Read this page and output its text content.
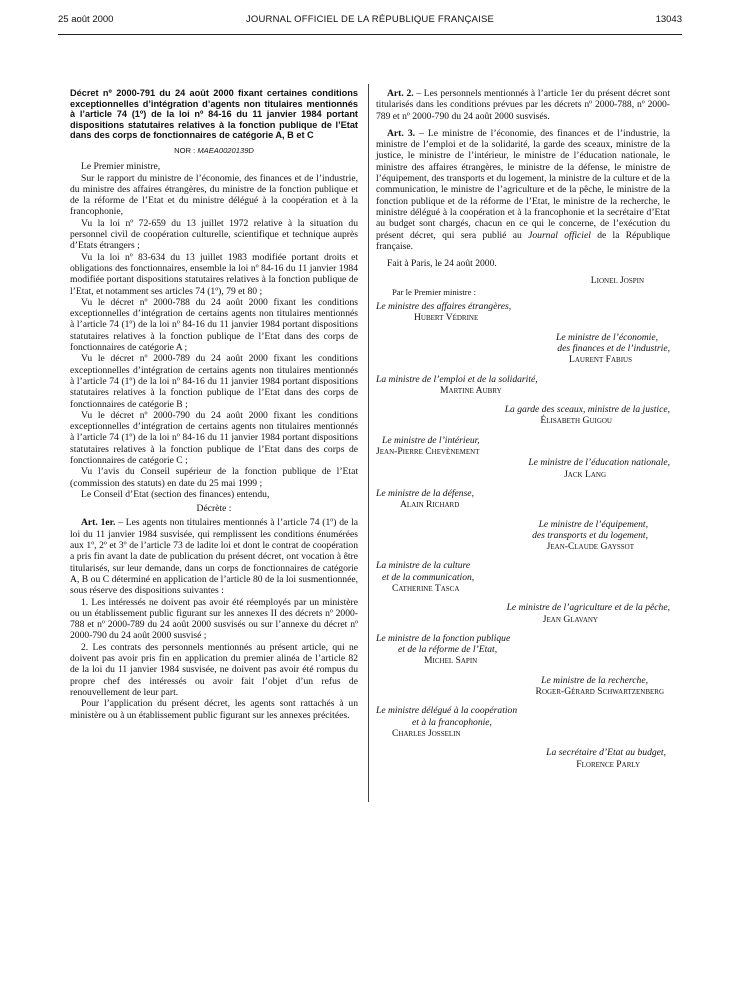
25 août 2000	JOURNAL OFFICIEL DE LA RÉPUBLIQUE FRANÇAISE	13043

Décret nº 2000-791 du 24 août 2000 fixant certaines conditions exceptionnelles d’intégration d’agents non titulaires mentionnés à l’article 74 (1º) de la loi nº 84-16 du 11 janvier 1984 portant dispositions statutaires relatives à la fonction publique de l’Etat dans des corps de fonctionnaires de catégorie A, B et C

NOR : MAEA0020139D

Le Premier ministre,

Sur le rapport du ministre de l’économie, des finances et de l’industrie, du ministre des affaires étrangères, du ministre de la fonction publique et de la réforme de l’Etat et du ministre délégué à la coopération et à la francophonie,

Vu la loi nº 72-659 du 13 juillet 1972 relative à la situation du personnel civil de coopération culturelle, scientifique et technique auprès d’Etats étrangers ;

Vu la loi nº 83-634 du 13 juillet 1983 modifiée portant droits et obligations des fonctionnaires, ensemble la loi nº 84-16 du 11 janvier 1984 modifiée portant dispositions statutaires relatives à la fonction publique de l’Etat, et notamment ses articles 74 (1º), 79 et 80 ;

Vu le décret nº 2000-788 du 24 août 2000 fixant les conditions exceptionnelles d’intégration de certains agents non titulaires mentionnés à l’article 74 (1º) de la loi nº 84-16 du 11 janvier 1984 portant dispositions statutaires relatives à la fonction publique de l’Etat dans des corps de fonctionnaires de catégorie A ;

Vu le décret nº 2000-789 du 24 août 2000 fixant les conditions exceptionnelles d’intégration de certains agents non titulaires mentionnés à l’article 74 (1º) de la loi nº 84-16 du 11 janvier 1984 portant dispositions statutaires relatives à la fonction publique de l’Etat dans des corps de fonctionnaires de catégorie B ;

Vu le décret nº 2000-790 du 24 août 2000 fixant les conditions exceptionnelles d’intégration de certains agents non titulaires mentionnés à l’article 74 (1º) de la loi nº 84-16 du 11 janvier 1984 portant dispositions statutaires relatives à la fonction publique de l’Etat dans des corps de fonctionnaires de catégorie C ;

Vu l’avis du Conseil supérieur de la fonction publique de l’Etat (commission des statuts) en date du 25 mai 1999 ;

Le Conseil d’Etat (section des finances) entendu,

Décrète :

Art. 1er. – Les agents non titulaires mentionnés à l’article 74 (1º) de la loi du 11 janvier 1984 susvisée, qui remplissent les conditions énumérées aux 1º, 2º et 3º de l’article 73 de ladite loi et dont le contrat de coopération a pris fin avant la date de publication du présent décret, ont vocation à être titularisés, sur leur demande, dans un corps de fonctionnaires de catégorie A, B ou C déterminé en application de l’article 80 de la loi susmentionnée, sous réserve des dispositions suivantes :

1. Les intéressés ne doivent pas avoir été réemployés par un ministère ou un établissement public figurant sur les annexes II des décrets nº 2000-788 et nº 2000-789 du 24 août 2000 susvisés ou sur l’annexe du décret nº 2000-790 du 24 août 2000 susvisé ;

2. Les contrats des personnels mentionnés au présent article, qui ne doivent pas avoir pris fin en application du premier alinéa de l’article 82 de la loi du 11 janvier 1984 susvisée, ne doivent pas avoir été rompus du propre chef des intéressés ou avoir fait l’objet d’un refus de renouvellement de leur part.

Pour l’application du présent décret, les agents sont rattachés à un ministère ou à un établissement public figurant sur les annexes précitées.

Art. 2. – Les personnels mentionnés à l’article 1er du présent décret sont titularisés dans les conditions prévues par les décrets nº 2000-788, nº 2000-789 et nº 2000-790 du 24 août 2000 susvisés.

Art. 3. – Le ministre de l’économie, des finances et de l’industrie, la ministre de l’emploi et de la solidarité, la garde des sceaux, ministre de la justice, le ministre de l’intérieur, le ministre de l’éducation nationale, le ministre des affaires étrangères, le ministre de la défense, le ministre de l’équipement, des transports et du logement, la ministre de la culture et de la communication, le ministre de l’agriculture et de la pêche, le ministre de la fonction publique et de la réforme de l’Etat, le ministre de la recherche, le ministre délégué à la coopération et à la francophonie et la secrétaire d’Etat au budget sont chargés, chacun en ce qui le concerne, de l’exécution du présent décret, qui sera publié au Journal officiel de la République française.

Fait à Paris, le 24 août 2000.

Lionel Jospin

Par le Premier ministre :

Le ministre des affaires étrangères,

Hubert Védrine

Le ministre de l’économie,

des finances et de l’industrie,

Laurent Fabius

La ministre de l’emploi et de la solidarité,

Martine Aubry

La garde des sceaux, ministre de la justice,

Élisabeth Guigou

Le ministre de l’intérieur,

Jean-Pierre Chevènement

Le ministre de l’éducation nationale,

Jack Lang

Le ministre de la défense,

Alain Richard

Le ministre de l’équipement,

des transports et du logement,

Jean-Claude Gayssot

La ministre de la culture

et de la communication,

Catherine Tasca

Le ministre de l’agriculture et de la pêche,

Jean Glavany

Le ministre de la fonction publique

et de la réforme de l’Etat,

Michel Sapin

Le ministre de la recherche,

Roger-Gérard Schwartzenberg

Le ministre délégué à la coopération

et à la francophonie,

Charles Josselin

La secrétaire d’Etat au budget,

Florence Parly
